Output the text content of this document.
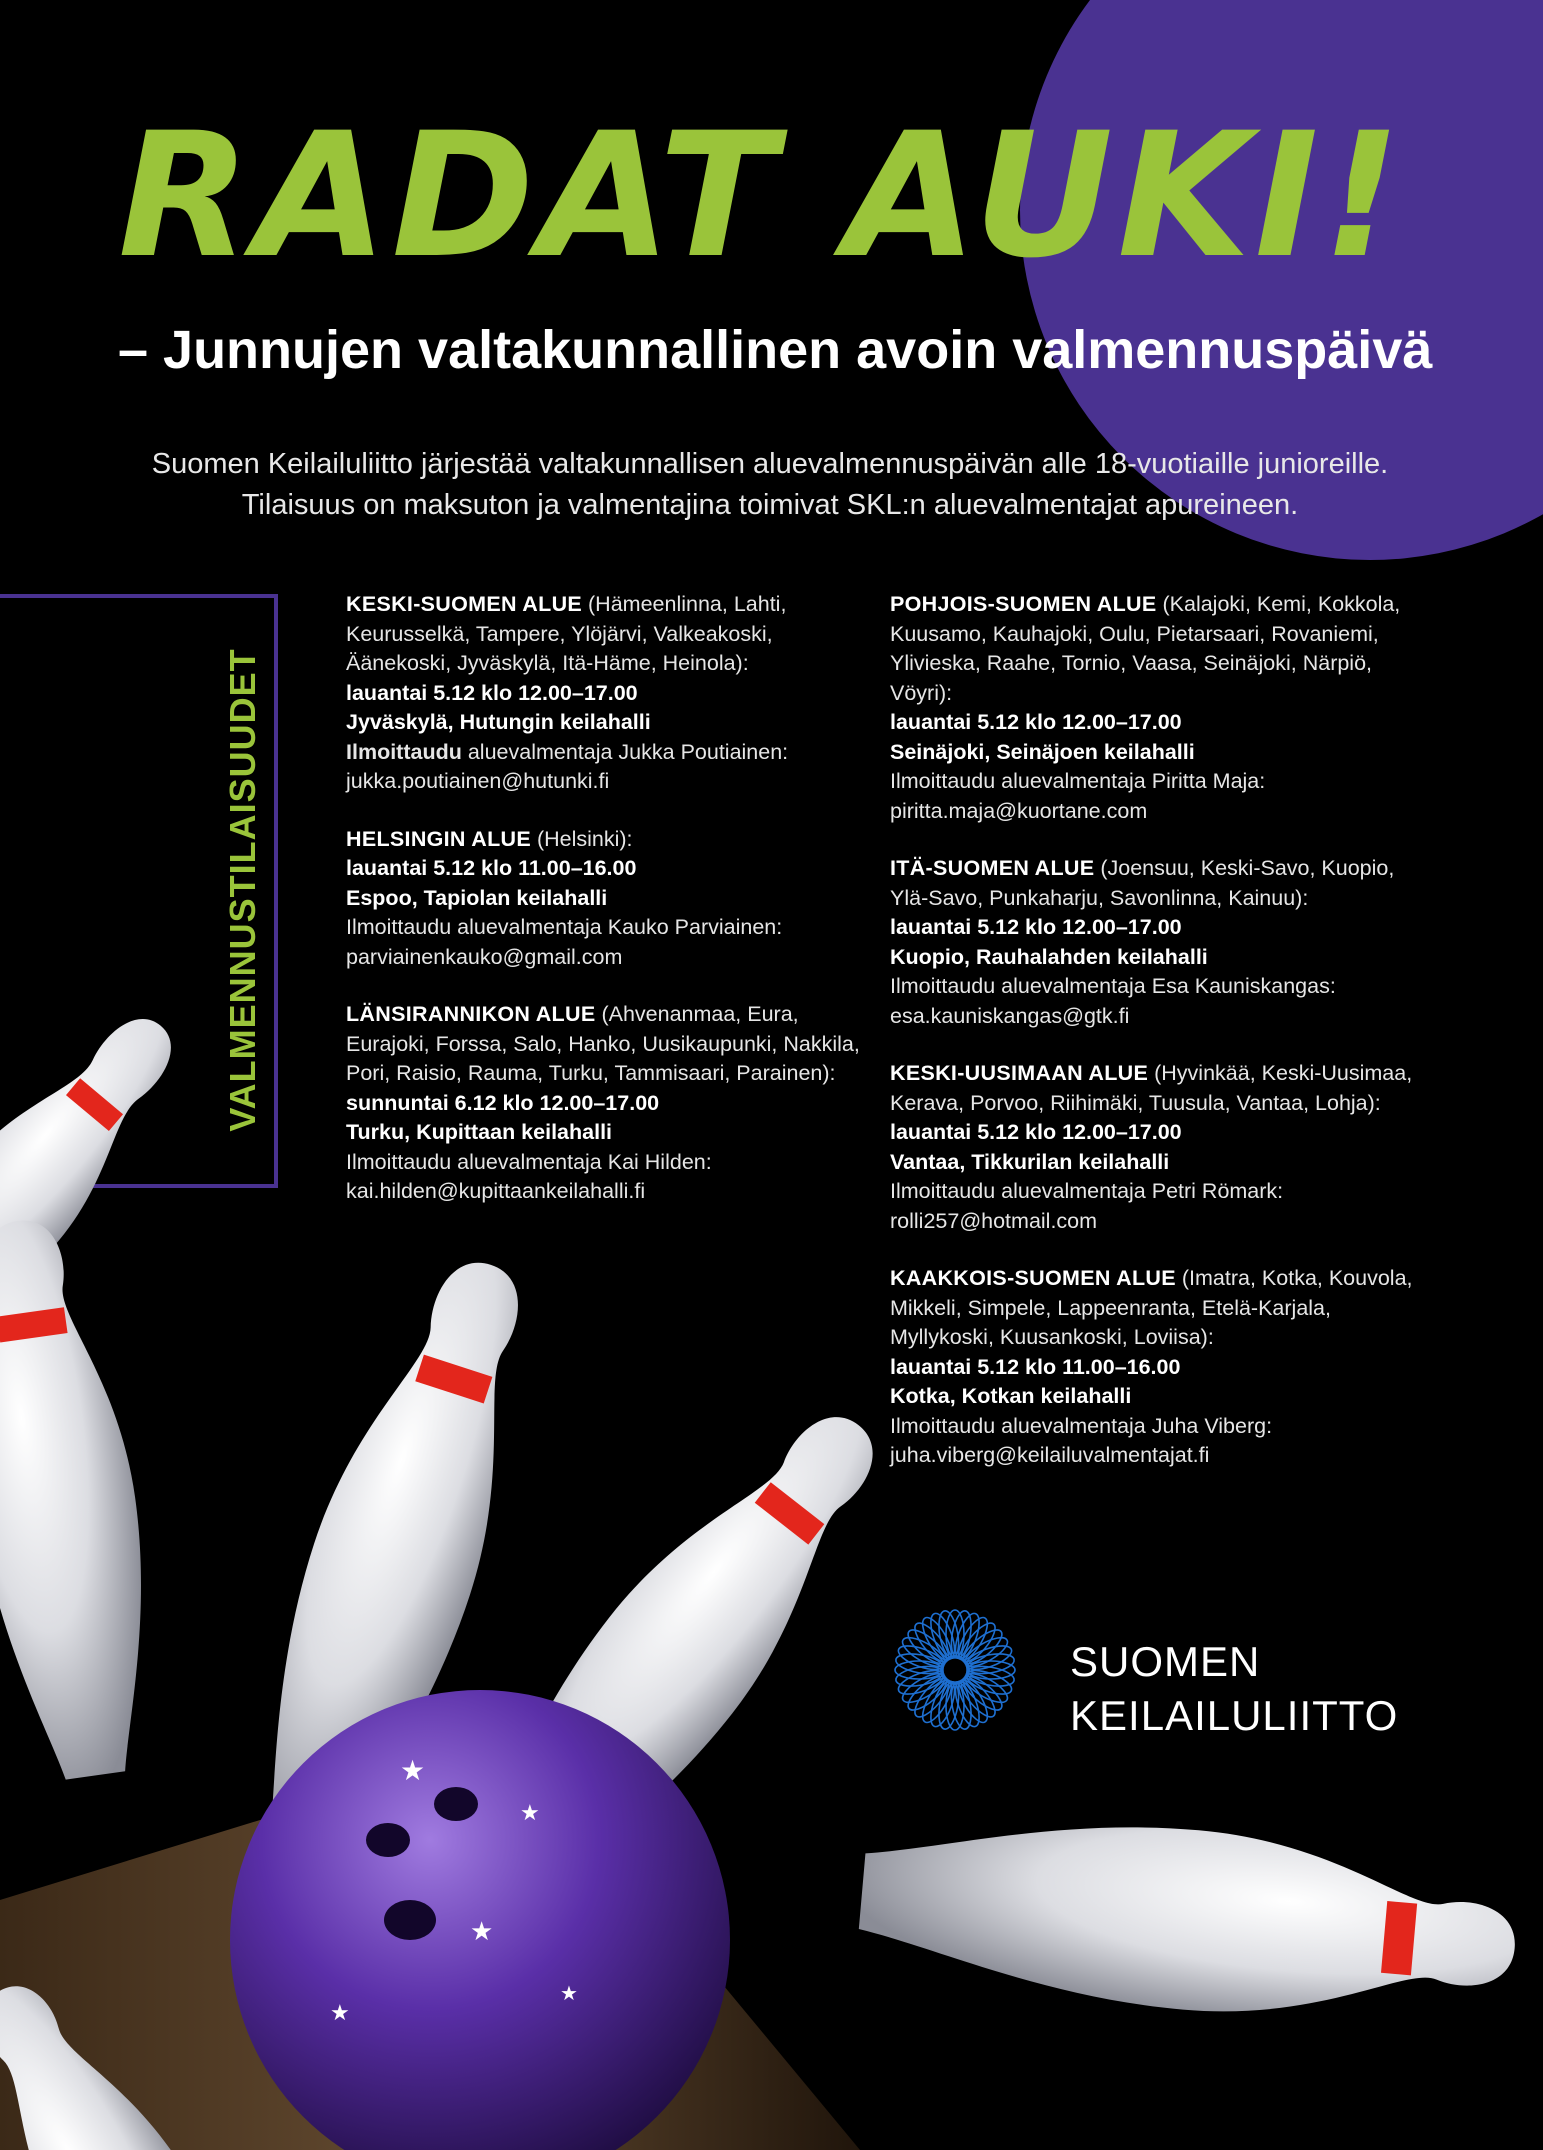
RADAT AUKI!
– Junnujen valtakunnallinen avoin valmennuspäivä

Suomen Keilailuliitto järjestää valtakunnallisen aluevalmennuspäivän alle 18-vuotiaille junioreille.

Tilaisuus on maksuton ja valmentajina toimivat SKL:n aluevalmentajat apureineen.

VALMENNUSTILAISUUDET
★
★
★
★
★
KESKI-SUOMEN ALUE (Hämeenlinna, Lahti, Keurusselkä, Tampere, Ylöjärvi, Valkeakoski, Äänekoski, Jyväskylä, Itä-Häme, Heinola):
lauantai 5.12 klo 12.00–17.00
Jyväskylä, Hutungin keilahalli
Ilmoittaudu aluevalmentaja Jukka Poutiainen:
jukka.poutiainen@hutunki.fi
HELSINGIN ALUE (Helsinki):
lauantai 5.12 klo 11.00–16.00
Espoo, Tapiolan keilahalli
Ilmoittaudu aluevalmentaja Kauko Parviainen:
parviainenkauko@gmail.com
LÄNSIRANNIKON ALUE (Ahvenanmaa, Eura, Eurajoki, Forssa, Salo, Hanko, Uusikaupunki, Nakkila, Pori, Raisio, Rauma, Turku, Tammisaari, Parainen):
sunnuntai 6.12 klo 12.00–17.00
Turku, Kupittaan keilahalli
Ilmoittaudu aluevalmentaja Kai Hilden:
kai.hilden@kupittaankeilahalli.fi
POHJOIS-SUOMEN ALUE (Kalajoki, Kemi, Kokkola, Kuusamo, Kauhajoki, Oulu, Pietarsaari, Rovaniemi, Ylivieska, Raahe, Tornio, Vaasa, Seinäjoki, Närpiö, Vöyri):
lauantai 5.12 klo 12.00–17.00
Seinäjoki, Seinäjoen keilahalli
Ilmoittaudu aluevalmentaja Piritta Maja:
piritta.maja@kuortane.com
ITÄ-SUOMEN ALUE (Joensuu, Keski-Savo, Kuopio, Ylä-Savo, Punkaharju, Savonlinna, Kainuu):
lauantai 5.12 klo 12.00–17.00
Kuopio, Rauhalahden keilahalli
Ilmoittaudu aluevalmentaja Esa Kauniskangas:
esa.kauniskangas@gtk.fi
KESKI-UUSIMAAN ALUE (Hyvinkää, Keski-Uusimaa, Kerava, Porvoo, Riihimäki, Tuusula, Vantaa, Lohja):
lauantai 5.12 klo 12.00–17.00
Vantaa, Tikkurilan keilahalli
Ilmoittaudu aluevalmentaja Petri Römark:
rolli257@hotmail.com
KAAKKOIS-SUOMEN ALUE (Imatra, Kotka, Kouvola, Mikkeli, Simpele, Lappeenranta, Etelä-Karjala, Myllykoski, Kuusankoski, Loviisa):
lauantai 5.12 klo 11.00–16.00
Kotka, Kotkan keilahalli
Ilmoittaudu aluevalmentaja Juha Viberg:
juha.viberg@keilailuvalmentajat.fi
SUOMEN
KEILAILULIITTO
